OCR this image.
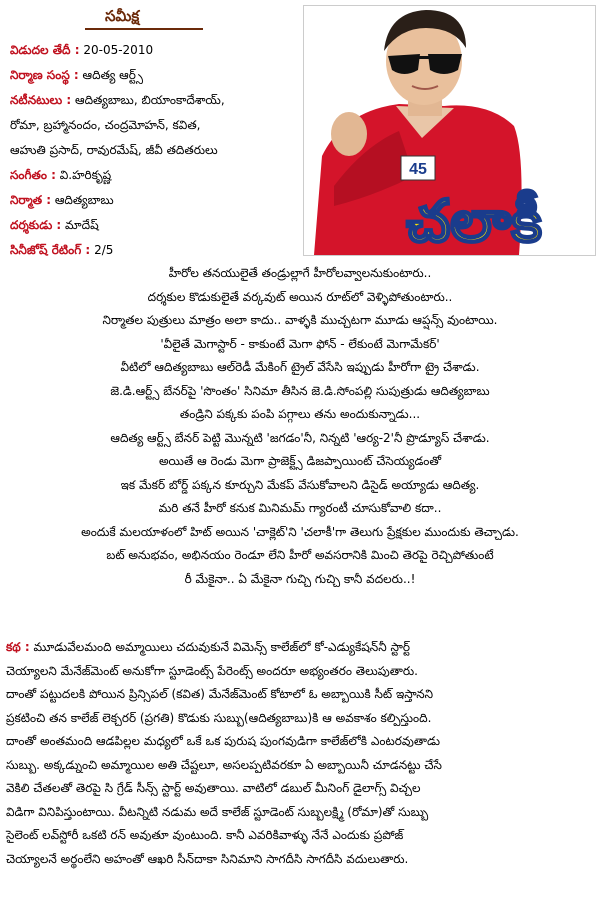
సమీక్ష
విడుదల తేదీ : 20-05-2010
నిర్మాణ సంస్థ : ఆదిత్య ఆర్ట్స్
నటీనటులు : ఆదిత్యబాబు, బియాంకాదేశాయ్,
రోమా, బ్రహ్మానందం, చంద్రమోహన్, కవిత,
ఆహుతి ప్రసాద్, రావురమేష్, జీవీ తదితరులు
సంగీతం : వి.హరికృష్ణ
నిర్మాత : ఆదిత్యబాబు
దర్శకుడు : మాదేష్
సినీజోష్ రేటింగ్ : 2/5
45
చలాకీ
హీరోల తనయులైతే తండ్రుల్లాగే హీరోలవ్వాలనుకుంటారు..
దర్శకుల కొడుకులైతే వర్కవుట్ అయిన రూట్‌లో వెళ్ళిపోతుంటారు..
నిర్మాతల పుత్రులు మాత్రం అలా కాదు.. వాళ్ళకి ముచ్చటగా మూడు ఆప్షన్స్ వుంటాయి.
'వీలైతే మెగాస్టార్ - కాకుంటే మెగా ఫోన్ - లేకుంటే మెగామేకర్'
వీటిలో ఆదిత్యబాబు ఆల్‌రెడీ మేకింగ్ ట్రైల్ వేసేసి ఇప్పుడు హీరోగా ట్రై చేశాడు.
జె.డి.ఆర్ట్స్ బేనర్‌పై 'సొంతం' సినిమా తీసిన జె.డి.సోంపల్లి సుపుత్రుడు ఆదిత్యబాబు
తండ్రిని పక్కకు పంపి పగ్గాలు తను అందుకున్నాడు...
ఆదిత్య ఆర్ట్స్ బేనర్ పెట్టి మొన్నటి 'జగడం'నీ, నిన్నటి 'ఆర్య-2'నీ ప్రొడ్యూస్ చేశాడు.
అయితే ఆ రెండు మెగా ప్రాజెక్ట్స్ డిజప్పాయింట్ చేసెయ్యడంతో
ఇక మేకర్ బోర్డ్ పక్కన కూర్చుని మేకప్ వేసుకోవాలని డిసైడ్ అయ్యాడు ఆదిత్య.
మరి తనే హీరో కనుక మినిమమ్ గ్యారంటీ చూసుకోవాలి కదా..
అందుకే మలయాళంలో హిట్ అయిన 'చాక్లెట్'ని 'చలాకీ'గా తెలుగు ప్రేక్షకుల ముందుకు తెచ్చాడు.
బట్ అనుభవం, అభినయం రెండూ లేని హీరో అవసరానికి మించి తెరపై రెచ్చిపోతుంటే
రీ మేకైనా.. ఏ మేకైనా గుచ్చి గుచ్చి కానీ వదలరు..!
కథ : మూడువేలమంది అమ్మాయిలు చదువుకునే విమెన్స్ కాలేజ్‌లో కో-ఎడ్యుకేషన్‌నీ స్టార్ట్
చెయ్యాలని మేనేజ్‌మెంట్ అనుకోగా స్టూడెంట్స్ పేరెంట్స్ అందరూ అభ్యంతరం తెలుపుతారు.
దాంతో పట్టుదలకి పోయిన ప్రిన్సిపల్ (కవిత) మేనేజ్‌మెంట్ కోటాలో ఓ అబ్బాయికి సీట్ ఇస్తానని
ప్రకటించి తన కాలేజ్ లెక్చరర్ (ప్రగతి) కొడుకు సుబ్బు(ఆదిత్యబాబు)కి ఆ అవకాశం కల్పిస్తుంది.
దాంతో అంతమంది ఆడపిల్లల మధ్యలో ఒకే ఒక పురుష పుంగవుడిగా కాలేజ్‌లోకి ఎంటరవుతాడు
సుబ్బు. అక్కడ్నుంచి అమ్మాయిల అతి చేష్టలూ, అసలప్పటివరకూ ఏ అబ్బాయినీ చూడనట్టు చేసే
వెకిలి చేతలతో తెరపై సి గ్రేడ్ సీన్స్ స్టార్ట్ అవుతాయి. వాటిలో డబుల్ మీనింగ్ డైలాగ్స్ విచ్చల
విడిగా వినిపిస్తుంటాయి. వీటన్నిటి నడుమ అదే కాలేజ్ స్టూడెంట్ సుబ్బలక్ష్మి (రోమా)తో సుబ్బు
సైలెంట్ లవ్‌స్టోరీ ఒకటి రన్ అవుతూ వుంటుంది. కానీ ఎవరికివాళ్ళు నేనే ఎందుకు ప్రపోజ్
చెయ్యాలనే అర్థంలేని అహంతో ఆఖరి సీన్‌దాకా సినిమాని సాగదీసి సాగదీసి వదులుతారు.
